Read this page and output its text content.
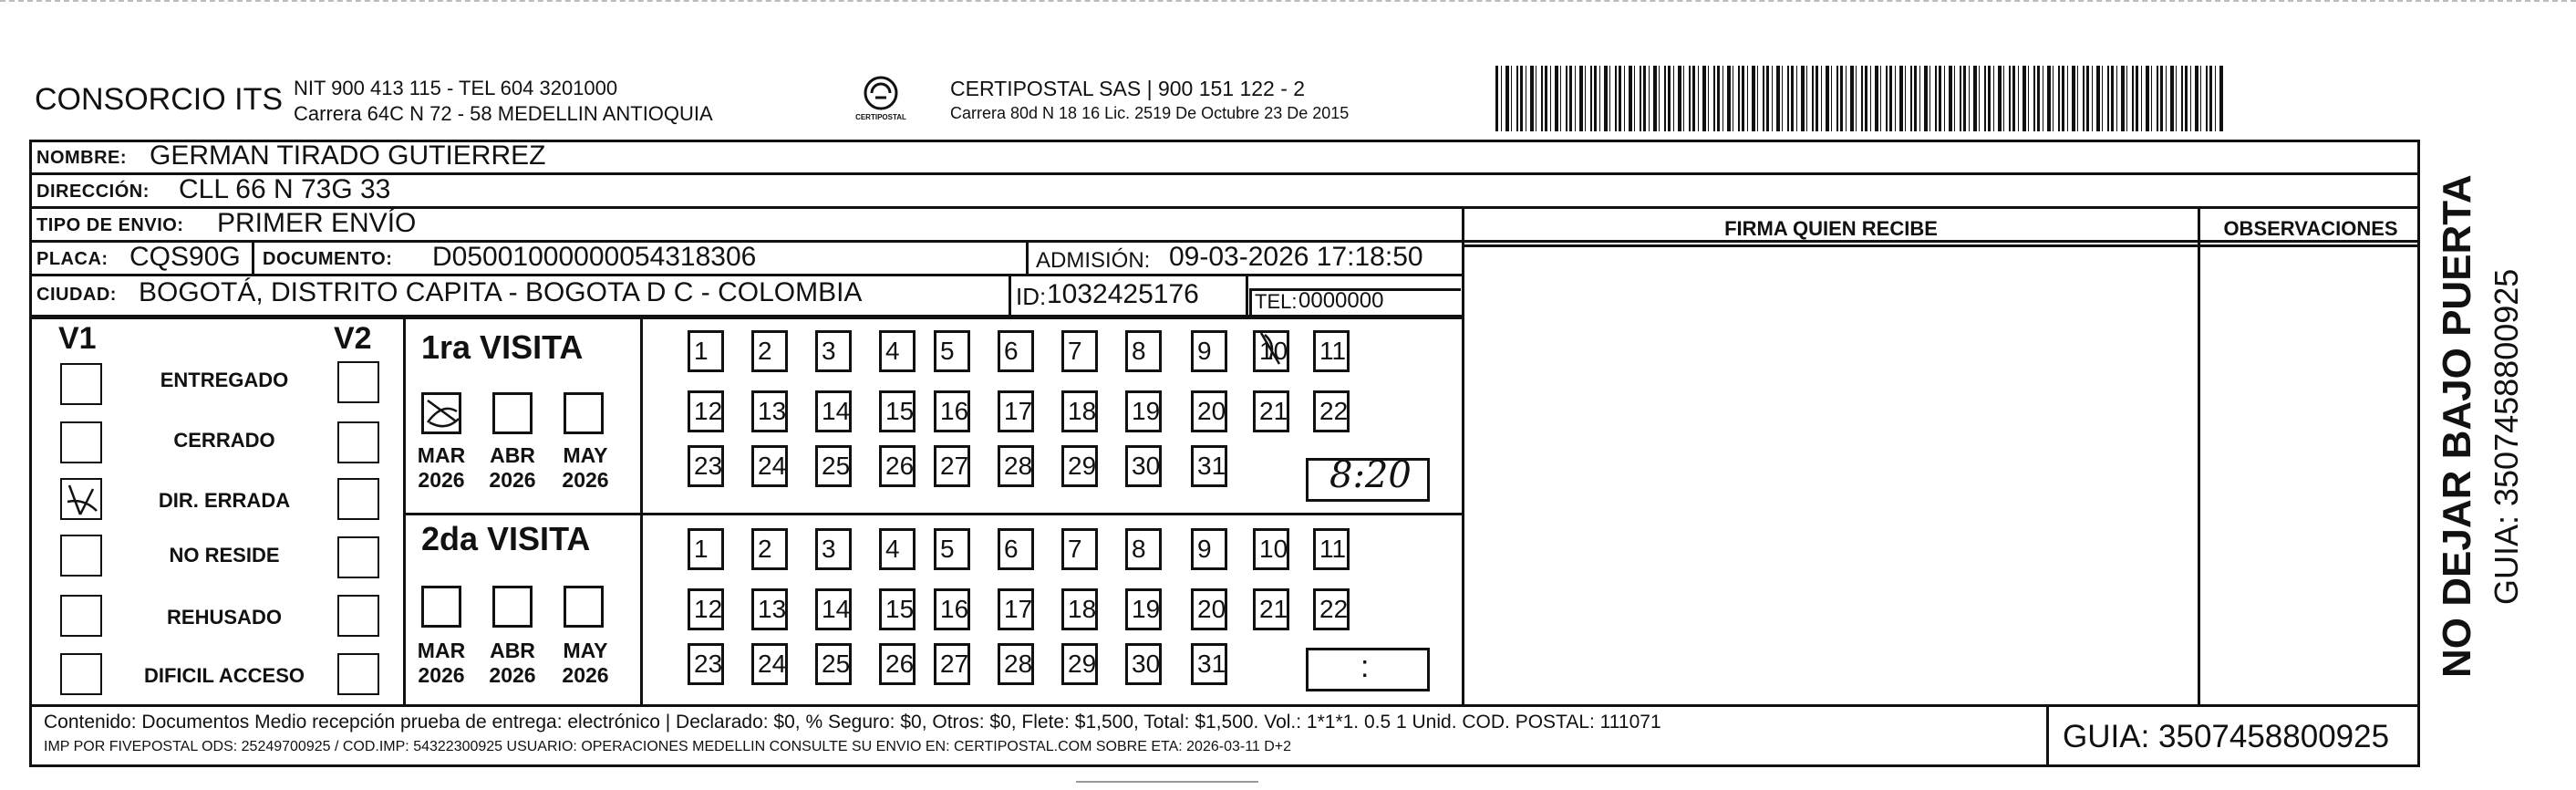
CONSORCIO ITS NIT 900 413 115 - TEL 604 3201000
Carrera 64C N 72 - 58 MEDELLIN ANTIOQUIA	CERTIPOSTAL
CERTIPOSTAL SAS | 900 151 122 - 2
Carrera 80d N 18 16 Lic. 2519 De Octubre 23 De 2015
NOMBRE: GERMAN TIRADO GUTIERREZ
DIRECCIÓN: CLL 66 N 73G 33
TIPO DE ENVIO: PRIMER ENVÍO
PLACA: CQS90G DOCUMENTO: D05001000000054318306	ADMISIÓN: 09-03-2026 17:18:50
CIUDAD: BOGOTÁ, DISTRITO CAPITA - BOGOTA D C - COLOMBIA	ID: 1032425176	TEL: 0000000
FIRMA QUIEN RECIBE	OBSERVACIONES
V1	V2
ENTREGADO
CERRADO
DIR. ERRADA
NO RESIDE
REHUSADO
DIFICIL ACCESO
1ra VISITA
MAR
2026
ABR
2026
MAY
2026
2da VISITA
MAR
2026
ABR
2026
MAY
2026
1	2	3	4	5	6	7	8	9	10 11
12 13 14 15 16 17 18 19 20 21 22
23 24 25 26 27 28 29 30 31
1	2	3	4	5	6	7	8	9	10 11
12 13 14 15 16 17 18 19 20 21 22
23 24 25 26 27 28 29 30 31
8:20
:
Contenido: Documentos Medio recepción prueba de entrega: electrónico | Declarado: $0, % Seguro: $0, Otros: $0, Flete: $1,500, Total: $1,500. Vol.: 1*1*1. 0.5 1 Unid. COD. POSTAL: 111071
IMP POR FIVEPOSTAL ODS: 25249700925 / COD.IMP: 54322300925 USUARIO: OPERACIONES MEDELLIN CONSULTE SU ENVIO EN: CERTIPOSTAL.COM SOBRE ETA: 2026-03-11 D+2	GUIA: 3507458800925
NO DEJAR BAJO PUERTA GUIA: 3507458800925
